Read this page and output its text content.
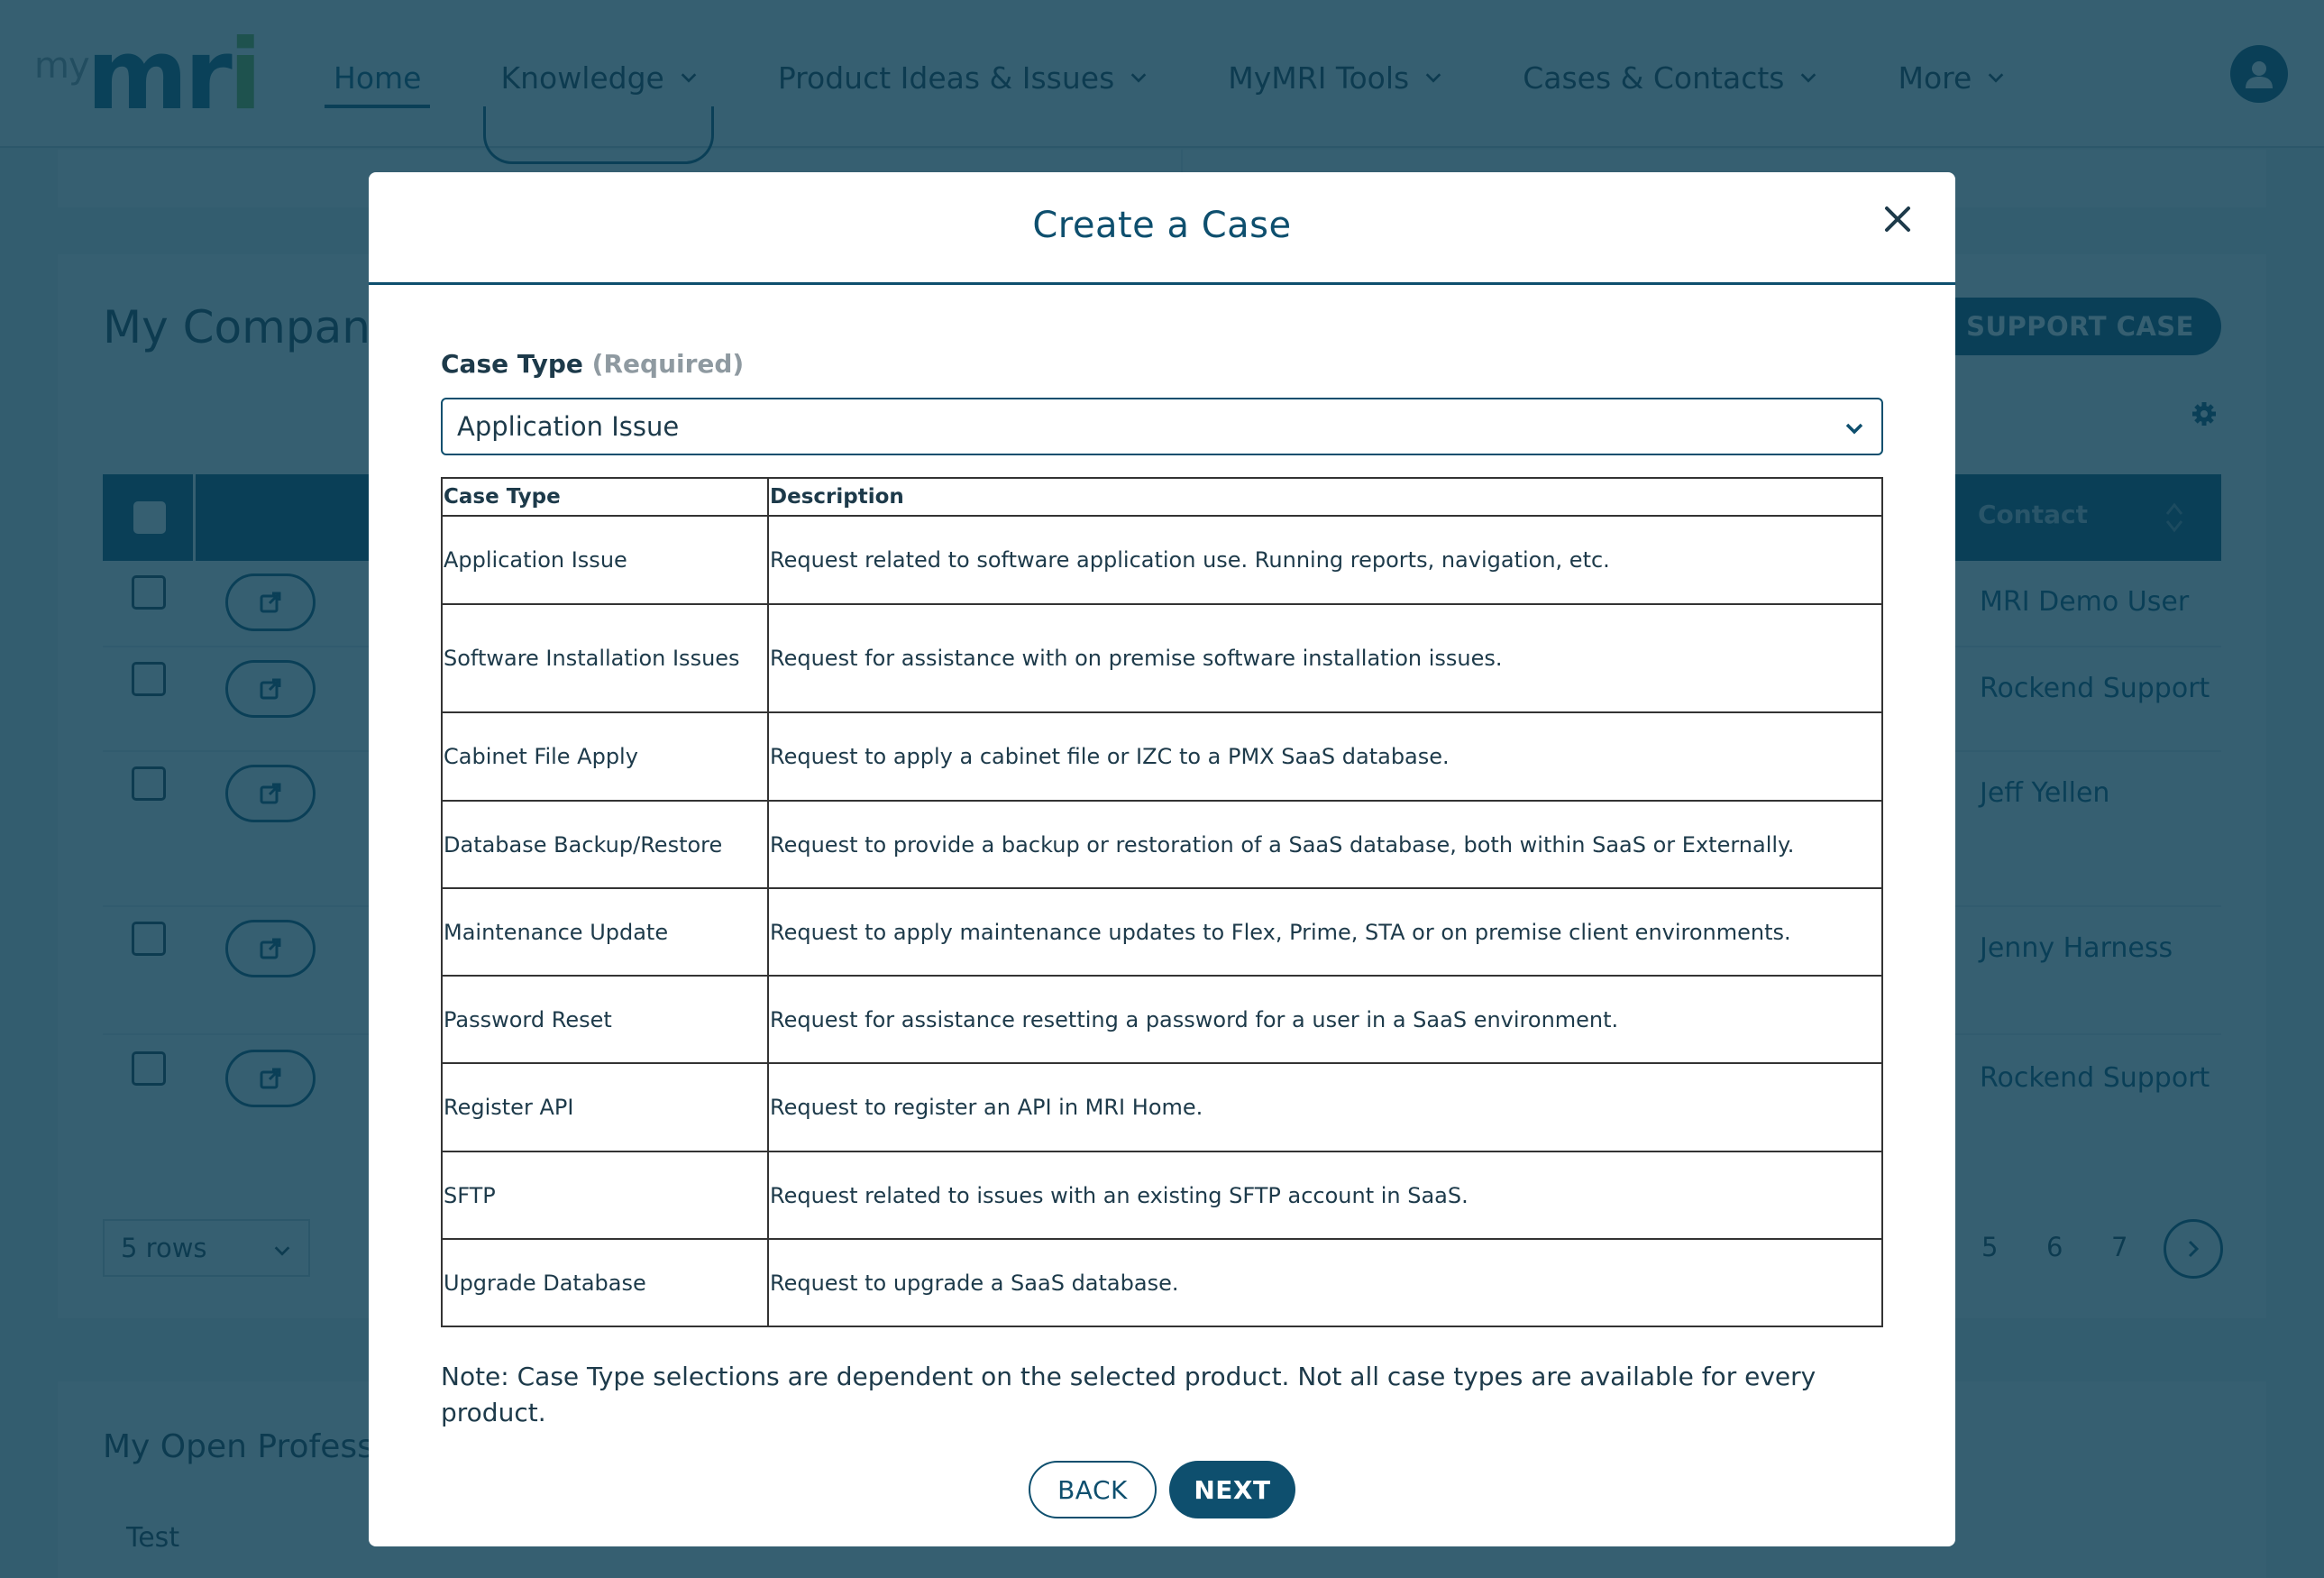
Create a Case
Case Type (Required)
Application Issue
Case Type	Description
Application Issue	Request related to software application use. Running reports, navigation, etc.
Software Installation Issues	Request for assistance with on premise software installation issues.
Cabinet File Apply	Request to apply a cabinet file or IZC to a PMX SaaS database.
Database Backup/Restore	Request to provide a backup or restoration of a SaaS database, both within SaaS or Externally.
Maintenance Update	Request to apply maintenance updates to Flex, Prime, STA or on premise client environments.
Password Reset	Request for assistance resetting a password for a user in a SaaS environment.
Register API	Request to register an API in MRI Home.
SFTP	Request related to issues with an existing SFTP account in SaaS.
Upgrade Database	Request to upgrade a SaaS database.
Note: Case Type selections are dependent on the selected product. Not all case types are available for every product.
BACK	NEXT
